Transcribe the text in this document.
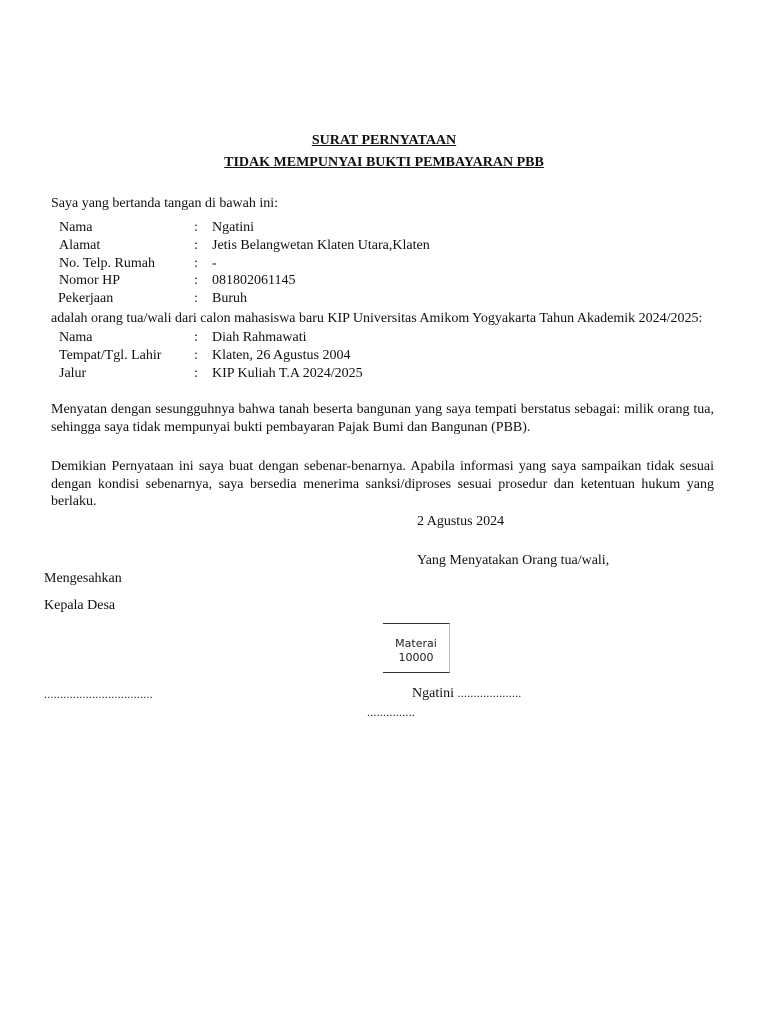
SURAT PERNYATAAN
TIDAK MEMPUNYAI BUKTI PEMBAYARAN PBB
Saya yang bertanda tangan di bawah ini:
Nama	: Ngatini
Alamat	: Jetis Belangwetan Klaten Utara,Klaten
No. Telp. Rumah	: -
Nomor HP	: 081802061145
Pekerjaan	: Buruh
adalah orang tua/wali dari calon mahasiswa baru KIP Universitas Amikom Yogyakarta Tahun Akademik 2024/2025:
Nama	: Diah Rahmawati
Tempat/Tgl. Lahir : Klaten, 26 Agustus 2004
Jalur	: KIP Kuliah T.A 2024/2025
Menyatan dengan sesungguhnya bahwa tanah beserta bangunan yang saya tempati berstatus sebagai: milik orang tua, sehingga saya tidak mempunyai bukti pembayaran Pajak Bumi dan Bangunan (PBB).
Demikian Pernyataan ini saya buat dengan sebenar-benarnya. Apabila informasi yang saya sampaikan tidak sesuai dengan kondisi sebenarnya, saya bersedia menerima sanksi/diproses sesuai prosedur dan ketentuan hukum yang berlaku.
2 Agustus 2024
Yang Menyatakan Orang tua/wali,
Mengesahkan
Kepala Desa
Materai
10000
..................................	Ngatini ....................
...............
